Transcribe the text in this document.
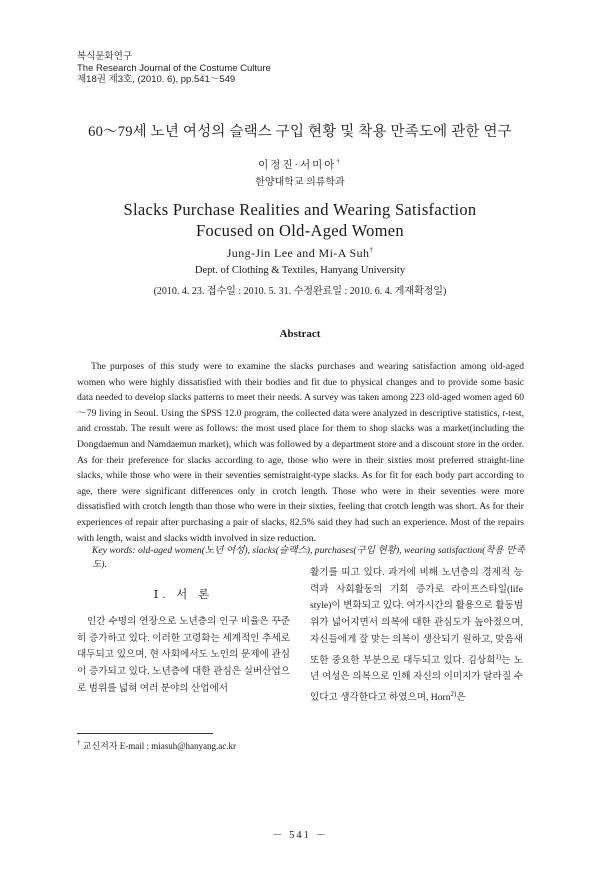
복식문화연구
The Research Journal of the Costume Culture
제18권 제3호, (2010. 6), pp.541～549
60～79세 노년 여성의 슬랙스 구입 현황 및 착용 만족도에 관한 연구
이정진·서미아†
한양대학교 의류학과
Slacks Purchase Realities and Wearing Satisfaction
Focused on Old-Aged Women
Jung-Jin Lee and Mi-A Suh†
Dept. of Clothing & Textiles, Hanyang University
(2010. 4. 23. 접수일 : 2010. 5. 31. 수정완료일 : 2010. 6. 4. 게재확정일)
Abstract

The purposes of this study were to examine the slacks purchases and wearing satisfaction among old-aged women who were highly dissatisfied with their bodies and fit due to physical changes and to provide some basic data needed to develop slacks patterns to meet their needs. A survey was taken among 223 old-aged women aged 60～79 living in Seoul. Using the SPSS 12.0 program, the collected data were analyzed in descriptive statistics, t-test, and crosstab. The result were as follows: the most used place for them to shop slacks was a market(including the Dongdaemun and Namdaemun market), which was followed by a department store and a discount store in the order. As for their preference for slacks according to age, those who were in their sixties most preferred straight-line slacks, while those who were in their seventies semistraight-type slacks. As for fit for each body part according to age, there were significant differences only in crotch length. Those who were in their seventies were more dissatisfied with crotch length than those who were in their sixties, feeling that crotch length was short. As for their experiences of repair after purchasing a pair of slacks, 82.5% said they had such an experience. Most of the repairs with length, waist and slacks width involved in size reduction.

Key words: old-aged women(노년 여성), slacks(슬랙스), purchases(구입 현황), wearing satisfaction(착용 만족도).
Ⅰ. 서 론

인간 수명의 연장으로 노년층의 인구 비율은 꾸준히 증가하고 있다. 이러한 고령화는 세계적인 추세로 대두되고 있으며, 현 사회에서도 노인의 문제에 관심이 증가되고 있다. 노년층에 대한 관심은 실버산업으로 범위를 넓혀 여러 분야의 산업에서

활기를 띠고 있다. 과거에 비해 노년층의 경제적 능력과 사회활동의 기회 증가로 라이프스타일(life style)이 변화되고 있다. 여가시간의 활용으로 활동범위가 넓어지면서 의복에 대한 관심도가 높아졌으며, 자신들에게 잘 맞는 의복이 생산되기 원하고, 맞음새 또한 중요한 부분으로 대두되고 있다. 김상희$^{1)}$는 노년 여성은 의복으로 인해 자신의 이미지가 달라질 수 있다고 생각한다고 하였으며, Horn$^{2)}$은

† 교신저자 E-mail : miasuh@hanyang.ac.kr
－ 541 －
